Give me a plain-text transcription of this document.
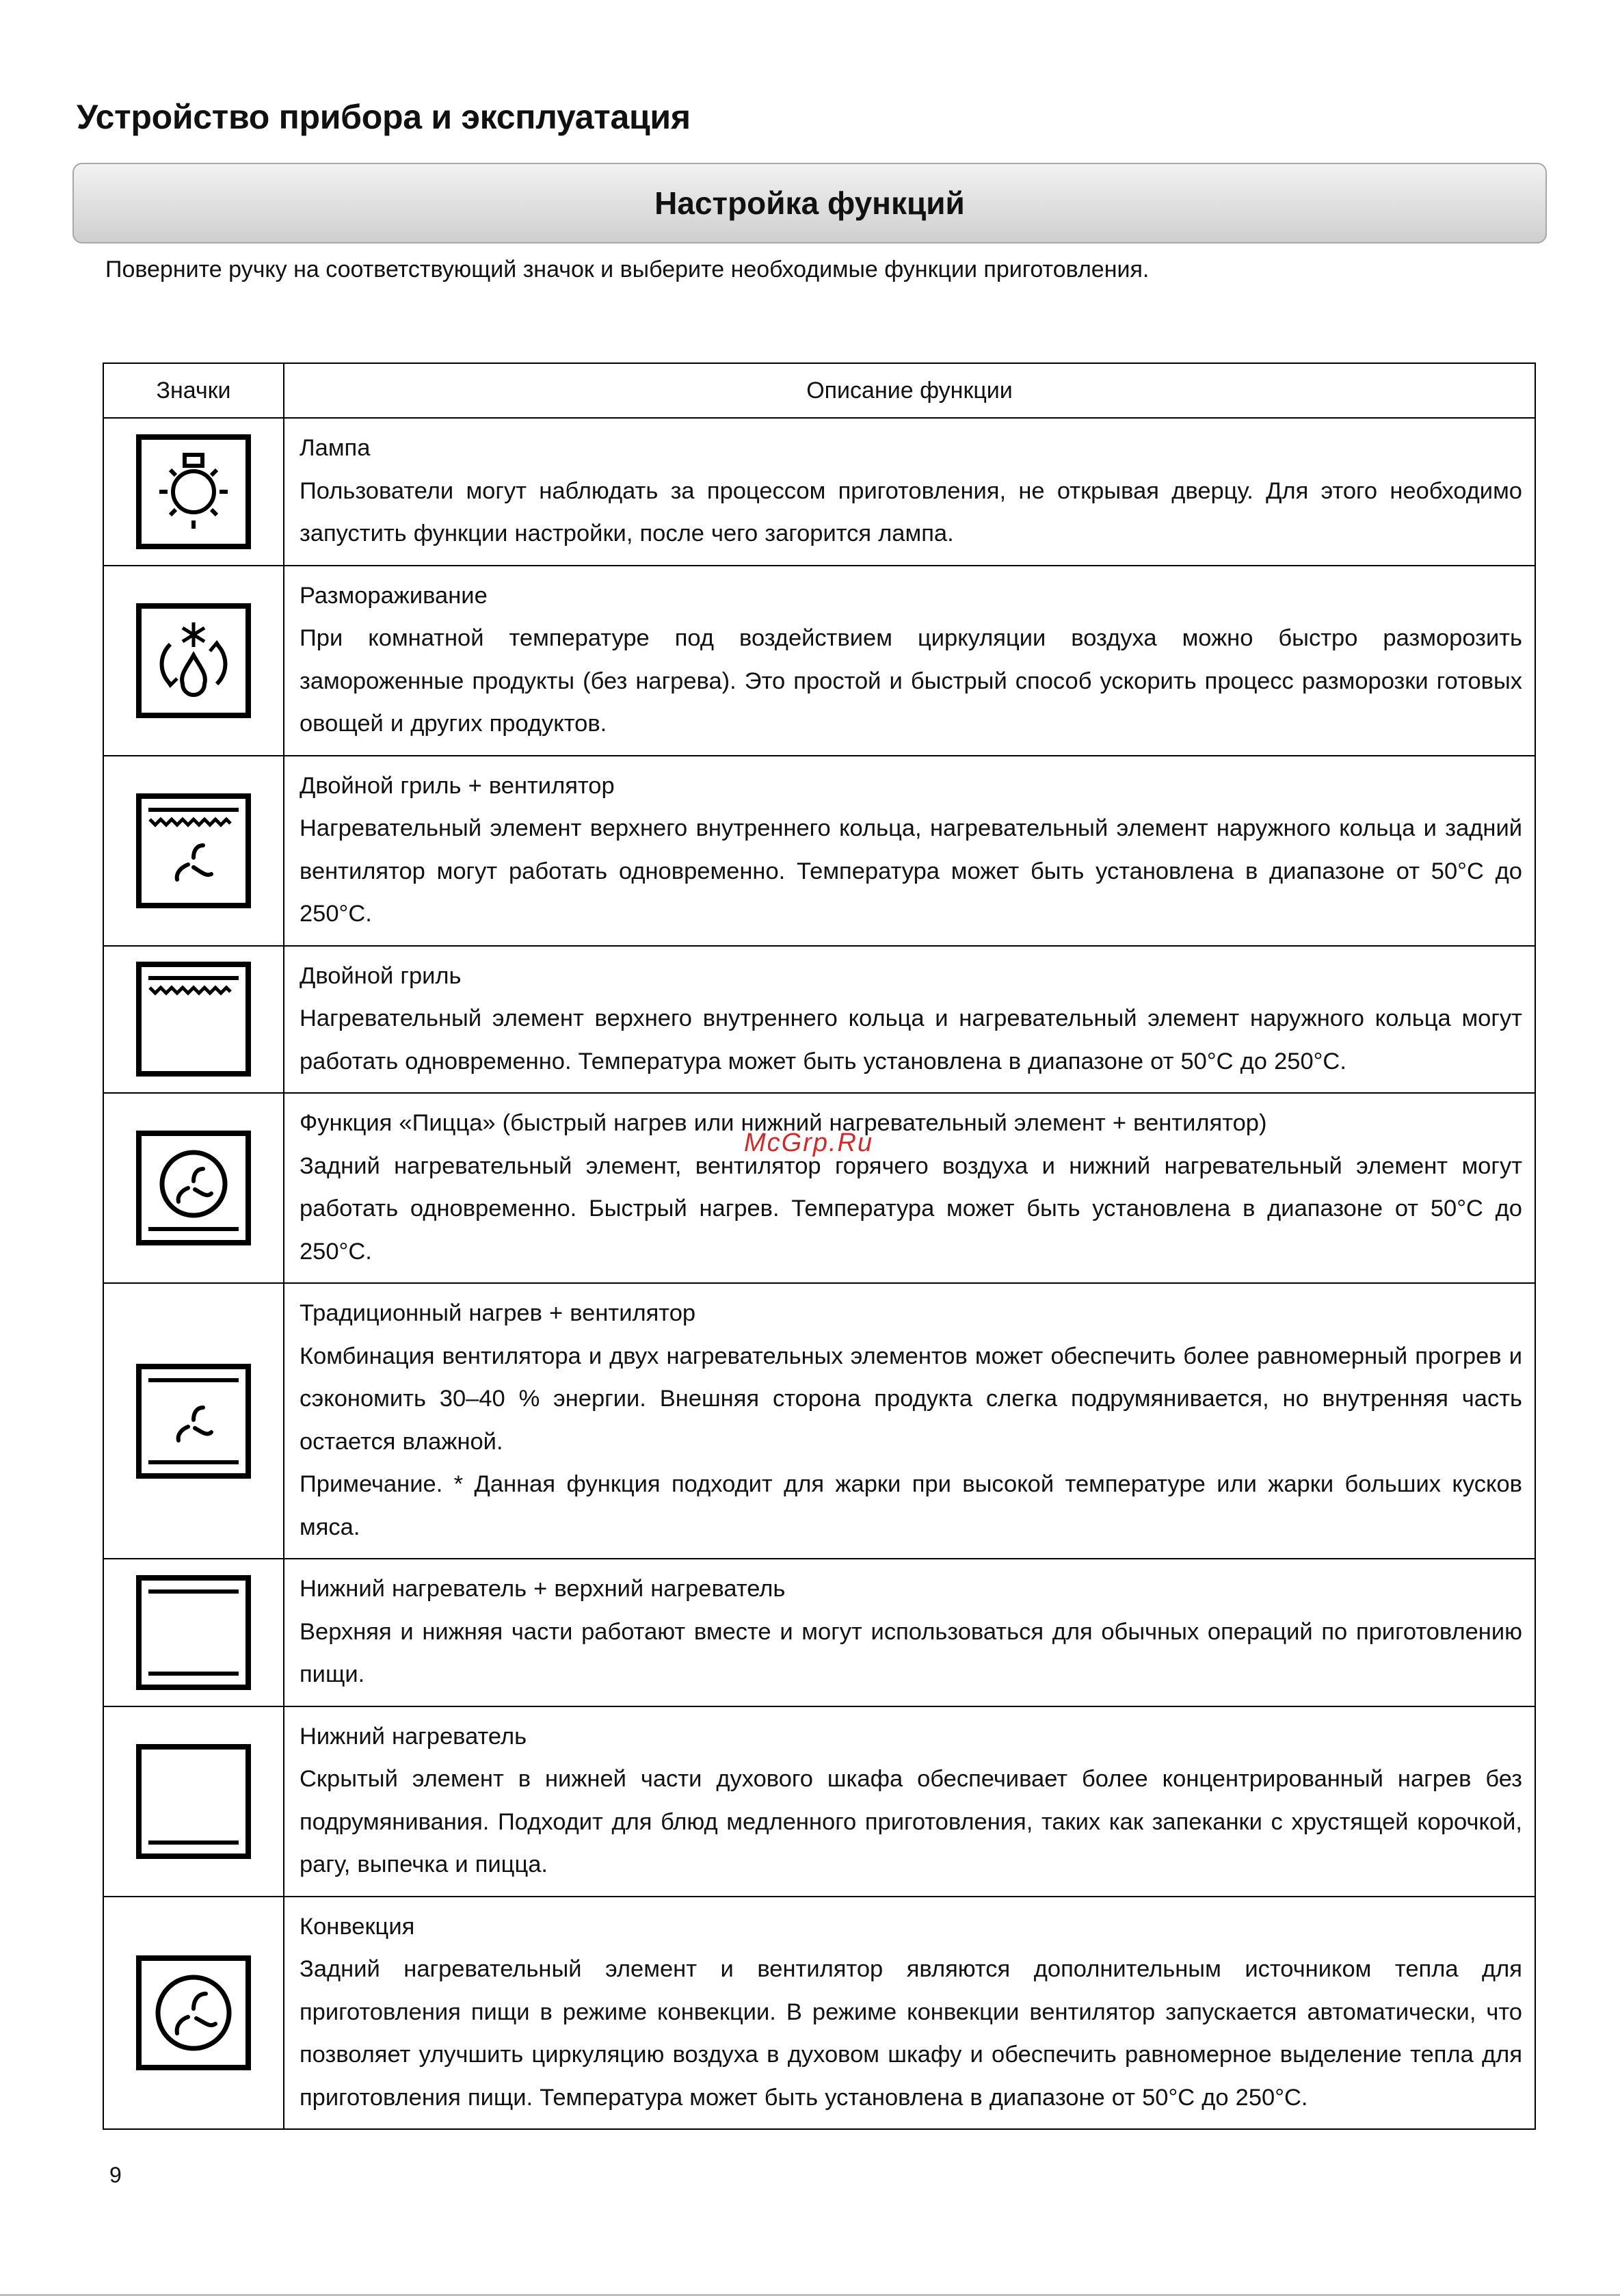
Устройство прибора и эксплуатация
Настройка функций

Поверните ручку на соответствующий значок и выберите необходимые функции приготовления.

Значки	Описание функции

Лампа
Пользователи могут наблюдать за процессом приготовления, не открывая дверцу. Для этого необходимо запустить функции настройки, после чего загорится лампа.

Размораживание
При комнатной температуре под воздействием циркуляции воздуха можно быстро разморозить замороженные продукты (без нагрева). Это простой и быстрый способ ускорить процесс разморозки готовых овощей и других продуктов.

Двойной гриль + вентилятор
Нагревательный элемент верхнего внутреннего кольца, нагревательный элемент наружного кольца и задний вентилятор могут работать одновременно. Температура может быть установлена в диапазоне от 50°С до 250°С.

Двойной гриль
Нагревательный элемент верхнего внутреннего кольца и нагревательный элемент наружного кольца могут работать одновременно. Температура может быть установлена в диапазоне от 50°С до 250°С.

Функция «Пицца» (быстрый нагрев или нижний нагревательный элемент + вентилятор)
Задний нагревательный элемент, вентилятор горячего воздуха и нижний нагревательный элемент могут работать одновременно. Быстрый нагрев. Температура может быть установлена в диапазоне от 50°С до 250°С.

Традиционный нагрев + вентилятор
Комбинация вентилятора и двух нагревательных элементов может обеспечить более равномерный прогрев и сэкономить 30–40 % энергии. Внешняя сторона продукта слегка подрумянивается, но внутренняя часть остается влажной.
Примечание. * Данная функция подходит для жарки при высокой температуре или жарки больших кусков мяса.

Нижний нагреватель + верхний нагреватель
Верхняя и нижняя части работают вместе и могут использоваться для обычных операций по приготовлению пищи.

Нижний нагреватель
Скрытый элемент в нижней части духового шкафа обеспечивает более концентрированный нагрев без подрумянивания. Подходит для блюд медленного приготовления, таких как запеканки с хрустящей корочкой, рагу, выпечка и пицца.

Конвекция
Задний нагревательный элемент и вентилятор являются дополнительным источником тепла для приготовления пищи в режиме конвекции. В режиме конвекции вентилятор запускается автоматически, что позволяет улучшить циркуляцию воздуха в духовом шкафу и обеспечить равномерное выделение тепла для приготовления пищи. Температура может быть установлена в диапазоне от 50°С до 250°С.
McGrp.Ru
9
